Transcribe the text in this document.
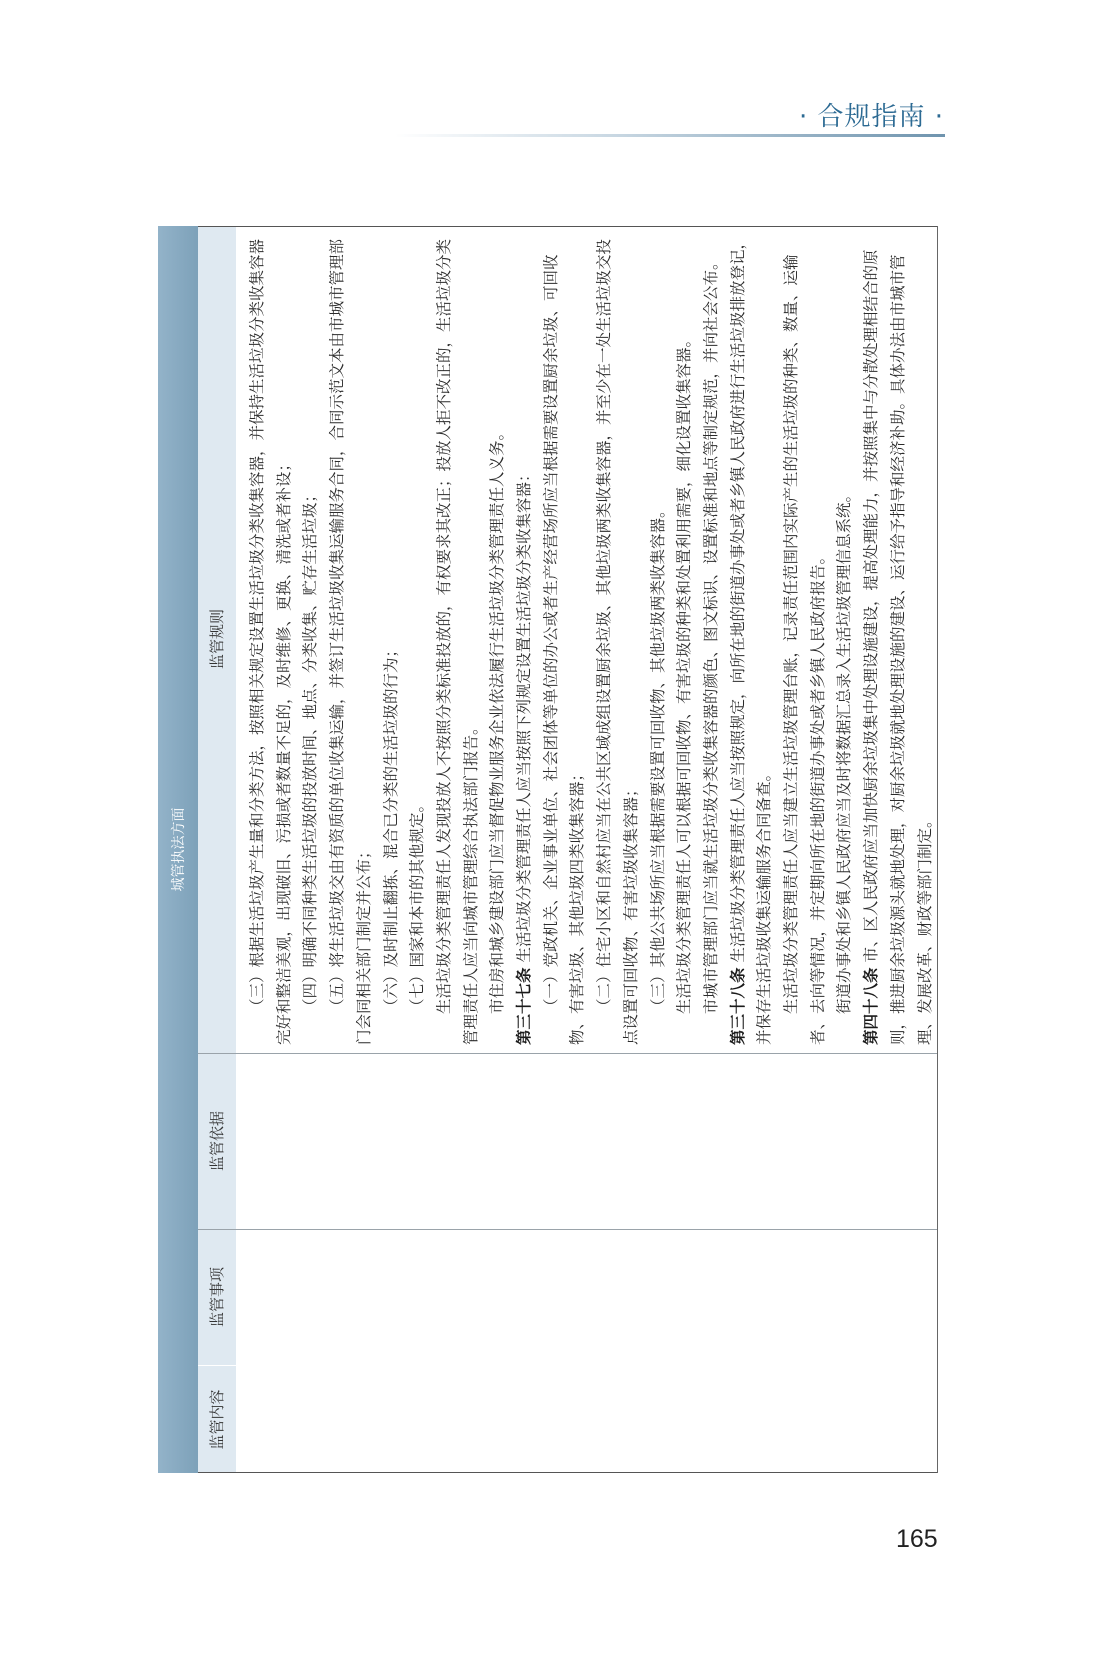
· 合规指南 ·
城管执法方面
监管内容
监管事项
监管依据
监管规则	（三）根据生活垃圾产生量和分类方法，按照相关规定设置生活垃圾分类收集容器，并保持生活垃圾分类收集容器完好和整洁美观，出现破旧、污损或者数量不足的，及时维修、更换、清洗或者补设； （四）明确不同种类生活垃圾的投放时间、地点、分类收集、贮存生活垃圾； （五）将生活垃圾交由有资质的单位收集运输，并签订生活垃圾收集运输服务合同，合同示范文本由市城市管理部门会同相关部门制定并公布； （六）及时制止翻拣、混合已分类的生活垃圾的行为； （七）国家和本市的其他规定。 生活垃圾分类管理责任人发现投放人不按照分类标准投放的，有权要求其改正；投放人拒不改正的，生活垃圾分类管理责任人应当向城市管理综合执法部门报告。 市住房和城乡建设部门应当督促物业服务企业依法履行生活垃圾分类管理责任人义务。 第三十七条 生活垃圾分类管理责任人应当按照下列规定设置生活垃圾分类收集容器： （一）党政机关、企业事业单位、社会团体等单位的办公或者生产经营场所应当根据需要设置厨余垃圾、可回收物、有害垃圾、其他垃圾四类收集容器； （二）住宅小区和自然村应当在公共区域成组设置厨余垃圾、其他垃圾两类收集容器，并至少在一处生活垃圾交投点设置可回收物、有害垃圾收集容器； （三）其他公共场所应当根据需要设置可回收物、其他垃圾两类收集容器。 生活垃圾分类管理责任人可以根据可回收物、有害垃圾的种类和处置利用需要，细化设置收集容器。 市城市管理部门应当就生活垃圾分类收集容器的颜色、图文标识、设置标准和地点等制定规范，并向社会公布。 第三十八条 生活垃圾分类管理责任人应当按照规定，向所在地的街道办事处或者乡镇人民政府进行生活垃圾排放登记，并保存生活垃圾收集运输服务合同备查。 生活垃圾分类管理责任人应当建立生活垃圾管理台账，记录责任范围内实际产生的生活垃圾的种类、数量、运输者、去向等情况，并定期向所在地的街道办事处或者乡镇人民政府报告。 街道办事处和乡镇人民政府应当及时将数据汇总录入生活垃圾管理信息系统。 第四十八条 市、区人民政府应当加快厨余垃圾集中处理设施建设，提高处理能力，并按照集中与分散处理相结合的原则，推进厨余垃圾源头就地处理，对厨余垃圾就地处理设施的建设、运行给予指导和经济补助。具体办法由市城市管理、发展改革、财政等部门制定。

165
